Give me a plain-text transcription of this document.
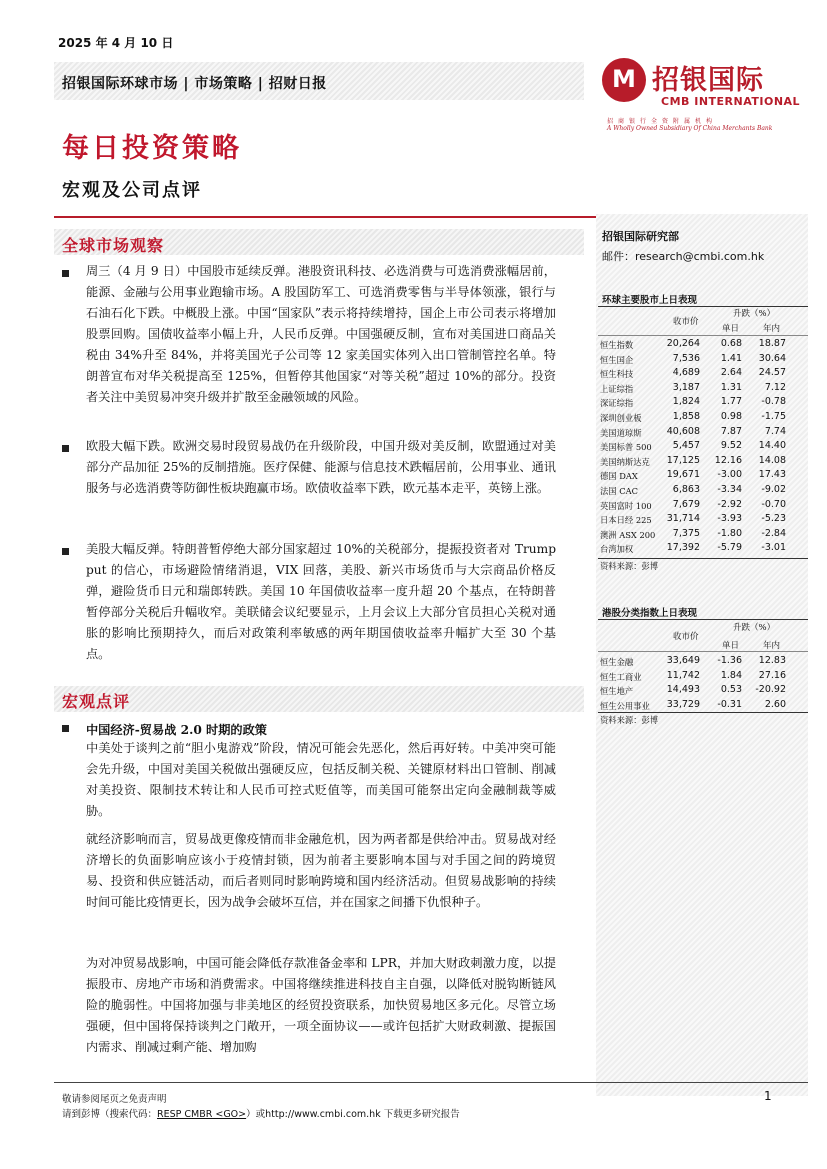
2025 年 4 月 10 日
招银国际环球市场 | 市场策略 | 招财日报	M 招银国际
CMB INTERNATIONAL
招商银行全资附属机构
A Wholly Owned Subsidiary Of China Merchants Bank
每日投资策略
宏观及公司点评
全球市场观察
周三（4 月 9 日）中国股市延续反弹。港股资讯科技、必选消费与可选消费涨幅居前，能源、金融与公用事业跑输市场。A 股国防军工、可选消费零售与半导体领涨，银行与石油石化下跌。中概股上涨。中国“国家队”表示将持续增持，国企上市公司表示将增加股票回购。国债收益率小幅上升，人民币反弹。中国强硬反制，宣布对美国进口商品关税由 34%升至 84%，并将美国光子公司等 12 家美国实体列入出口管制管控名单。特朗普宣布对华关税提高至 125%，但暂停其他国家“对等关税”超过 10%的部分。投资者关注中美贸易冲突升级并扩散至金融领域的风险。
欧股大幅下跌。欧洲交易时段贸易战仍在升级阶段，中国升级对美反制，欧盟通过对美部分产品加征 25%的反制措施。医疗保健、能源与信息技术跌幅居前，公用事业、通讯服务与必选消费等防御性板块跑赢市场。欧债收益率下跌，欧元基本走平，英镑上涨。
美股大幅反弹。特朗普暂停绝大部分国家超过 10%的关税部分，提振投资者对 Trump put 的信心，市场避险情绪消退，VIX 回落，美股、新兴市场货币与大宗商品价格反弹，避险货币日元和瑞郎转跌。美国 10 年国债收益率一度升超 20 个基点，在特朗普暂停部分关税后升幅收窄。美联储会议纪要显示，上月会议上大部分官员担心关税对通胀的影响比预期持久，而后对政策利率敏感的两年期国债收益率升幅扩大至 30 个基点。
宏观点评
中国经济-贸易战 2.0 时期的政策
中美处于谈判之前“胆小鬼游戏”阶段，情况可能会先恶化，然后再好转。中美冲突可能会先升级，中国对美国关税做出强硬反应，包括反制关税、关键原材料出口管制、削减对美投资、限制技术转让和人民币可控式贬值等，而美国可能祭出定向金融制裁等威胁。
就经济影响而言，贸易战更像疫情而非金融危机，因为两者都是供给冲击。贸易战对经济增长的负面影响应该小于疫情封锁，因为前者主要影响本国与对手国之间的跨境贸易、投资和供应链活动，而后者则同时影响跨境和国内经济活动。但贸易战影响的持续时间可能比疫情更长，因为战争会破坏互信，并在国家之间播下仇恨种子。
为对冲贸易战影响，中国可能会降低存款准备金率和 LPR，并加大财政刺激力度，以提振股市、房地产市场和消费需求。中国将继续推进科技自主自强，以降低对脱钩断链风险的脆弱性。中国将加强与非美地区的经贸投资联系，加快贸易地区多元化。尽管立场强硬，但中国将保持谈判之门敞开，一项全面协议——或许包括扩大财政刺激、提振国内需求、削减过剩产能、增加购
招银国际研究部
邮件：research@cmbi.com.hk
环球主要股市上日表现
升跌（%）
收市价
单日	年内
恒生指数	20,264	0.68	18.87
恒生国企	7,536	1.41	30.64
恒生科技	4,689	2.64	24.57
上证综指	3,187	1.31	7.12
深证综指	1,824	1.77	-0.78
深圳创业板	1,858	0.98	-1.75
美国道琼斯	40,608	7.87	7.74
美国标普 500	5,457	9.52	14.40
美国纳斯达克	17,125 12.16	14.08
德国 DAX	19,671	-3.00	17.43
法国 CAC	6,863	-3.34	-9.02
英国富时 100	7,679	-2.92	-0.70
日本日经 225	31,714	-3.93	-5.23
澳洲 ASX 200	7,375	-1.80	-2.84
台湾加权	17,392	-5.79	-3.01
资料来源：彭博
港股分类指数上日表现
升跌（%）
收市价
单日	年内
恒生金融	33,649	-1.36	12.83
恒生工商业	11,742	1.84	27.16
恒生地产	14,493	0.53	-20.92
恒生公用事业	33,729	-0.31	2.60
资料来源：彭博
敬请参阅尾页之免责声明
请到彭博（搜索代码：RESP CMBR <GO>）或http://www.cmbi.com.hk 下载更多研究报告
1
